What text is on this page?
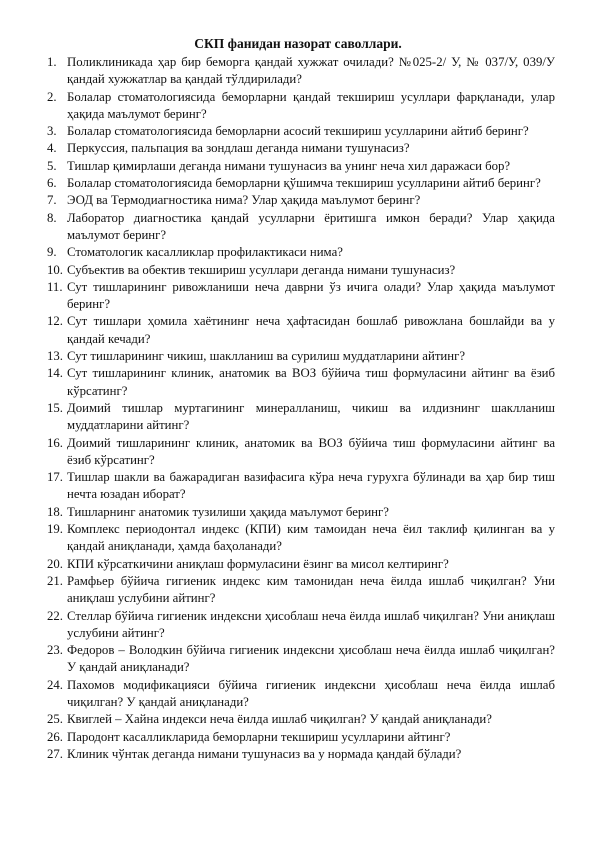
СКП фанидан назорат саволлари.
1. Поликлиникада ҳар бир беморга қандай хужжат очилади? №025-2/ У, № 037/У, 039/У қандай хужжатлар ва қандай тўлдирилади?
2. Болалар стоматологиясида беморларни қандай текшириш усуллари фарқланади, улар ҳақида маълумот беринг?
3. Болалар стоматологиясида беморларни асосий текшириш усулларини айтиб беринг?
4. Перкуссия, пальпация ва зондлаш деганда нимани тушунасиз?
5. Тишлар қимирлаши деганда нимани тушунасиз ва унинг неча хил даражаси бор?
6. Болалар стоматологиясида беморларни қўшимча текшириш усулларини айтиб беринг?
7. ЭОД ва Термодиагностика нима? Улар ҳақида маълумот беринг?
8. Лаборатор диагностика қандай усулларни ёритишга имкон беради? Улар ҳақида маълумот беринг?
9. Стоматологик касалликлар профилактикаси нима?
10. Субъектив ва обектив текшириш усуллари деганда нимани тушунасиз?
11. Сут тишларининг ривожланиши неча даврни ўз ичига олади? Улар ҳақида маълумот беринг?
12. Сут тишлари ҳомила хаётининг неча ҳафтасидан бошлаб ривожлана бошлайди ва у қандай кечади?
13. Сут тишларининг чикиш, шаклланиш ва сурилиш муддатларини айтинг?
14. Сут тишларининг клиник, анатомик ва ВОЗ бўйича тиш формуласини айтинг ва ёзиб кўрсатинг?
15. Доимий тишлар муртагининг минералланиш, чикиш ва илдизнинг шаклланиш муддатларини айтинг?
16. Доимий тишларининг клиник, анатомик ва ВОЗ бўйича тиш формуласини айтинг ва ёзиб кўрсатинг?
17. Тишлар шакли ва бажарадиган вазифасига кўра неча гурухга бўлинади ва ҳар бир тиш нечта юзадан иборат?
18. Тишларнинг анатомик тузилиши ҳақида маълумот беринг?
19. Комплекс периодонтал индекс (КПИ) ким тамоидан неча ёил таклиф қилинган ва у қандай аниқланади, ҳамда баҳоланади?
20. КПИ кўрсаткичини аниқлаш формуласини ёзинг ва мисол келтиринг?
21. Рамфьер бўйича гигиеник индекс ким тамонидан неча ёилда ишлаб чиқилган? Уни аниқлаш услубини айтинг?
22. Стеллар бўйича гигиеник индексни ҳисоблаш неча ёилда ишлаб чиқилган? Уни аниқлаш услубини айтинг?
23. Федоров – Володкин бўйича гигиеник индексни ҳисоблаш неча ёилда ишлаб чиқилган? У қандай аниқланади?
24. Пахомов модификацияси бўйича гигиеник индексни ҳисоблаш неча ёилда ишлаб чиқилган? У қандай аниқланади?
25. Квиглей – Хайна индекси неча ёилда ишлаб чиқилган? У қандай аниқланади?
26. Пародонт касалликларида беморларни текшириш усулларини айтинг?
27. Клиник чўнтак деганда нимани тушунасиз ва у нормада қандай бўлади?
